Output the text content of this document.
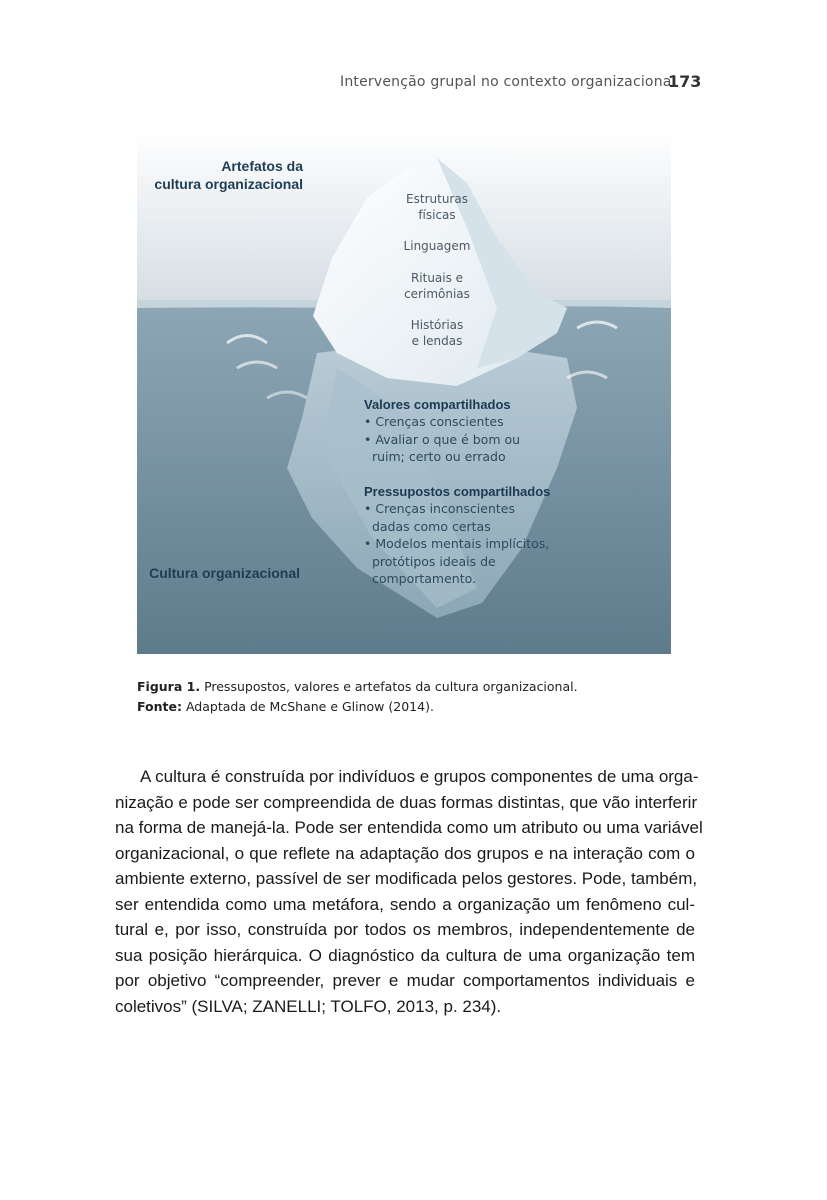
Intervenção grupal no contexto organizacional
173
Artefatos da
cultura organizacional
Estruturas
físicas
Linguagem
Rituais e
cerimônias
Histórias
e lendas
Valores compartilhados
• Crenças conscientes
• Avaliar o que é bom ou
ruim; certo ou errado
Pressupostos compartilhados
• Crenças inconscientes
dadas como certas
• Modelos mentais implícitos,
protótipos ideais de
comportamento.
Cultura organizacional
Figura 1. Pressupostos, valores e artefatos da cultura organizacional.
Fonte: Adaptada de McShane e Glinow (2014).
A cultura é construída por indivíduos e grupos componentes de uma orga-
nização e pode ser compreendida de duas formas distintas, que vão interferir
na forma de manejá-la. Pode ser entendida como um atributo ou uma variável
organizacional, o que reflete na adaptação dos grupos e na interação com o
ambiente externo, passível de ser modificada pelos gestores. Pode, também,
ser entendida como uma metáfora, sendo a organização um fenômeno cul-
tural e, por isso, construída por todos os membros, independentemente de
sua posição hierárquica. O diagnóstico da cultura de uma organização tem
por objetivo “compreender, prever e mudar comportamentos individuais e
coletivos” (SILVA; ZANELLI; TOLFO, 2013, p. 234).
